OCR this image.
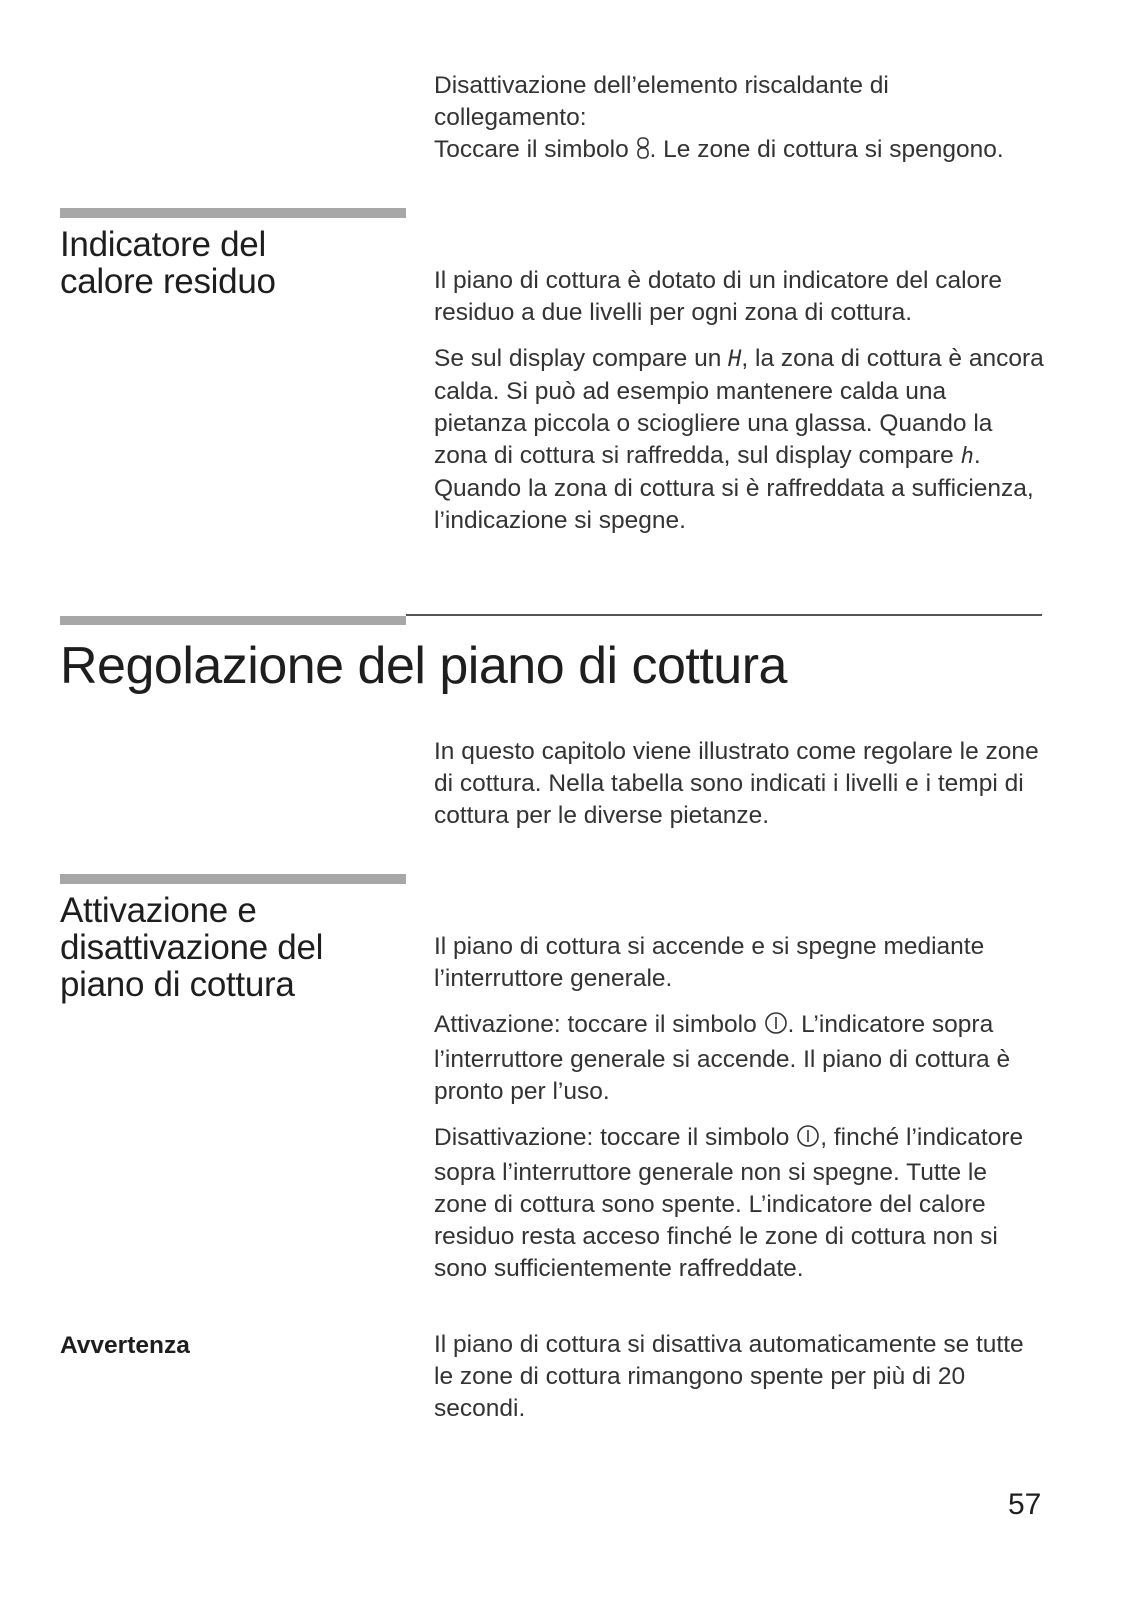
Disattivazione dell’elemento riscaldante di

collegamento:

Toccare il simbolo . Le zone di cottura si spengono.

Indicatore del

calore residuo	Il piano di cottura è dotato di un indicatore del calore residuo a due livelli per ogni zona di cottura.

Se sul display compare un H, la zona di cottura è ancora calda. Si può ad esempio mantenere calda una pietanza piccola o sciogliere una glassa. Quando la zona di cottura si raffredda, sul display compare h. Quando la zona di cottura si è raffreddata a sufficienza, l’indicazione si spegne.

Regolazione del piano di cottura

In questo capitolo viene illustrato come regolare le zone di cottura. Nella tabella sono indicati i livelli e i tempi di cottura per le diverse pietanze.

Attivazione e

disattivazione del

piano di cottura

Il piano di cottura si accende e si spegne mediante l’interruttore generale.

Attivazione: toccare il simbolo . L’indicatore sopra l’interruttore generale si accende. Il piano di cottura è pronto per l’uso.

Disattivazione: toccare il simbolo , finché l’indicatore sopra l’interruttore generale non si spegne. Tutte le zone di cottura sono spente. L’indicatore del calore residuo resta acceso finché le zone di cottura non si sono sufficientemente raffreddate.

Avvertenza	Il piano di cottura si disattiva automaticamente se tutte le zone di cottura rimangono spente per più di 20 secondi.

57
